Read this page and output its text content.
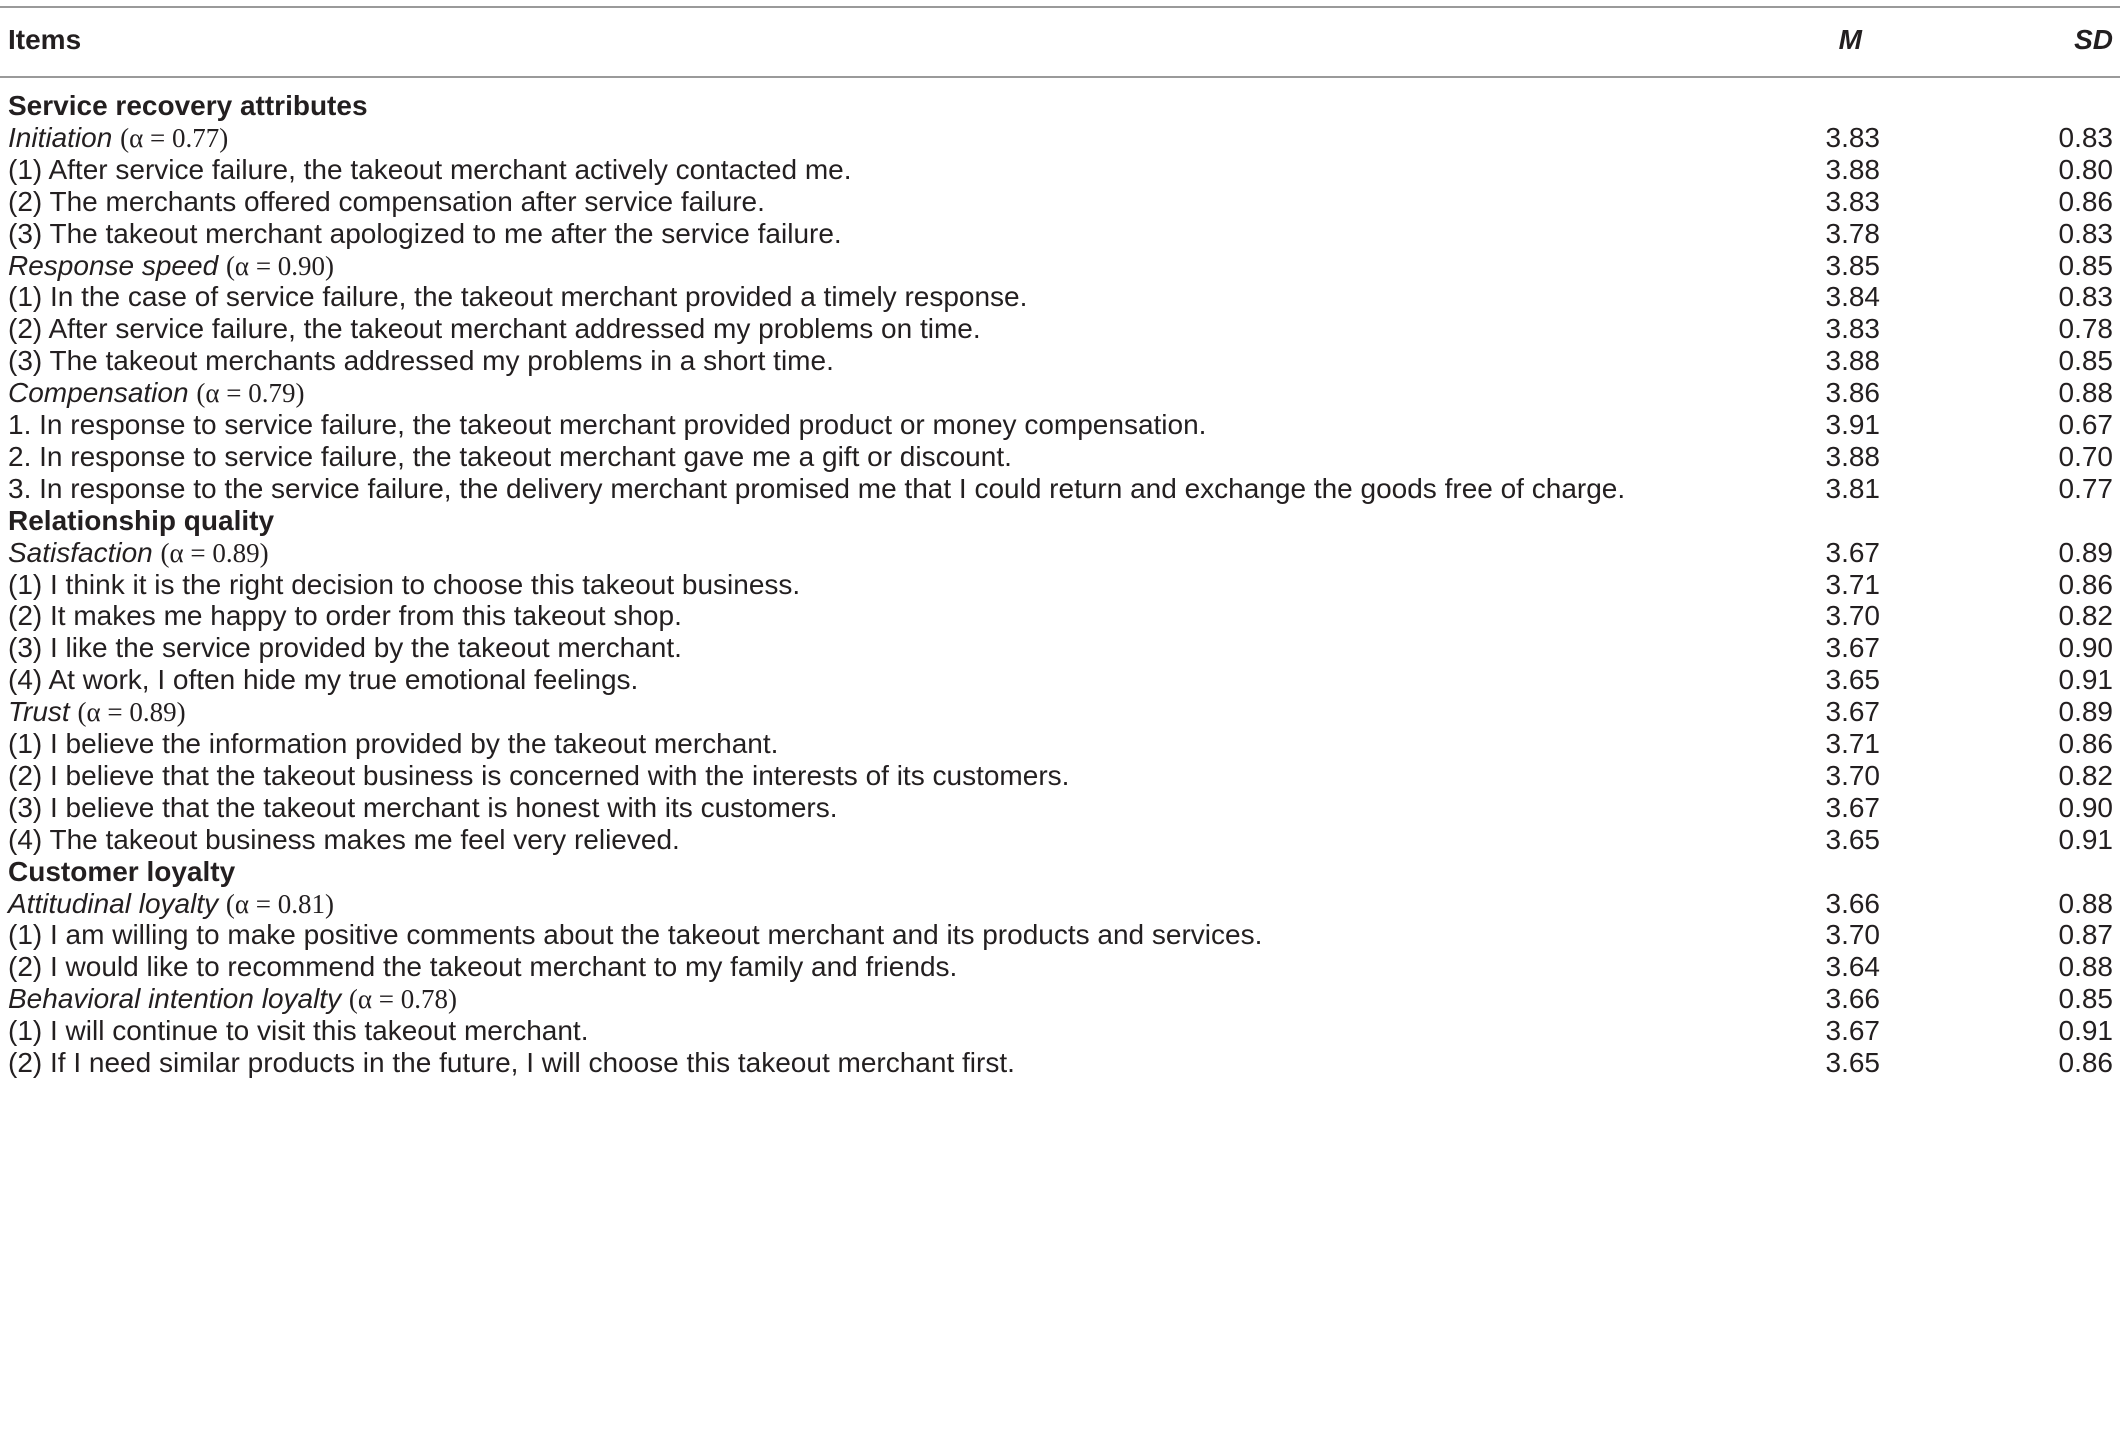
Items	M	SD
Service recovery attributes
Initiation (α = 0.77)	3.83	0.83
(1) After service failure, the takeout merchant actively contacted me.	3.88	0.80
(2) The merchants offered compensation after service failure.	3.83	0.86
(3) The takeout merchant apologized to me after the service failure.	3.78	0.83
Response speed (α = 0.90)	3.85	0.85
(1) In the case of service failure, the takeout merchant provided a timely response.	3.84	0.83
(2) After service failure, the takeout merchant addressed my problems on time.	3.83	0.78
(3) The takeout merchants addressed my problems in a short time.	3.88	0.85
Compensation (α = 0.79)	3.86	0.88
1. In response to service failure, the takeout merchant provided product or money compensation.	3.91	0.67
2. In response to service failure, the takeout merchant gave me a gift or discount.	3.88	0.70
3. In response to the service failure, the delivery merchant promised me that I could return and exchange the goods free of charge.	3.81	0.77
Relationship quality
Satisfaction (α = 0.89)	3.67	0.89
(1) I think it is the right decision to choose this takeout business.	3.71	0.86
(2) It makes me happy to order from this takeout shop.	3.70	0.82
(3) I like the service provided by the takeout merchant.	3.67	0.90
(4) At work, I often hide my true emotional feelings.	3.65	0.91
Trust (α = 0.89)	3.67	0.89
(1) I believe the information provided by the takeout merchant.	3.71	0.86
(2) I believe that the takeout business is concerned with the interests of its customers.	3.70	0.82
(3) I believe that the takeout merchant is honest with its customers.	3.67	0.90
(4) The takeout business makes me feel very relieved.	3.65	0.91
Customer loyalty
Attitudinal loyalty (α = 0.81)	3.66	0.88
(1) I am willing to make positive comments about the takeout merchant and its products and services.	3.70	0.87
(2) I would like to recommend the takeout merchant to my family and friends.	3.64	0.88
Behavioral intention loyalty (α = 0.78)	3.66	0.85
(1) I will continue to visit this takeout merchant.	3.67	0.91
(2) If I need similar products in the future, I will choose this takeout merchant first.	3.65	0.86
